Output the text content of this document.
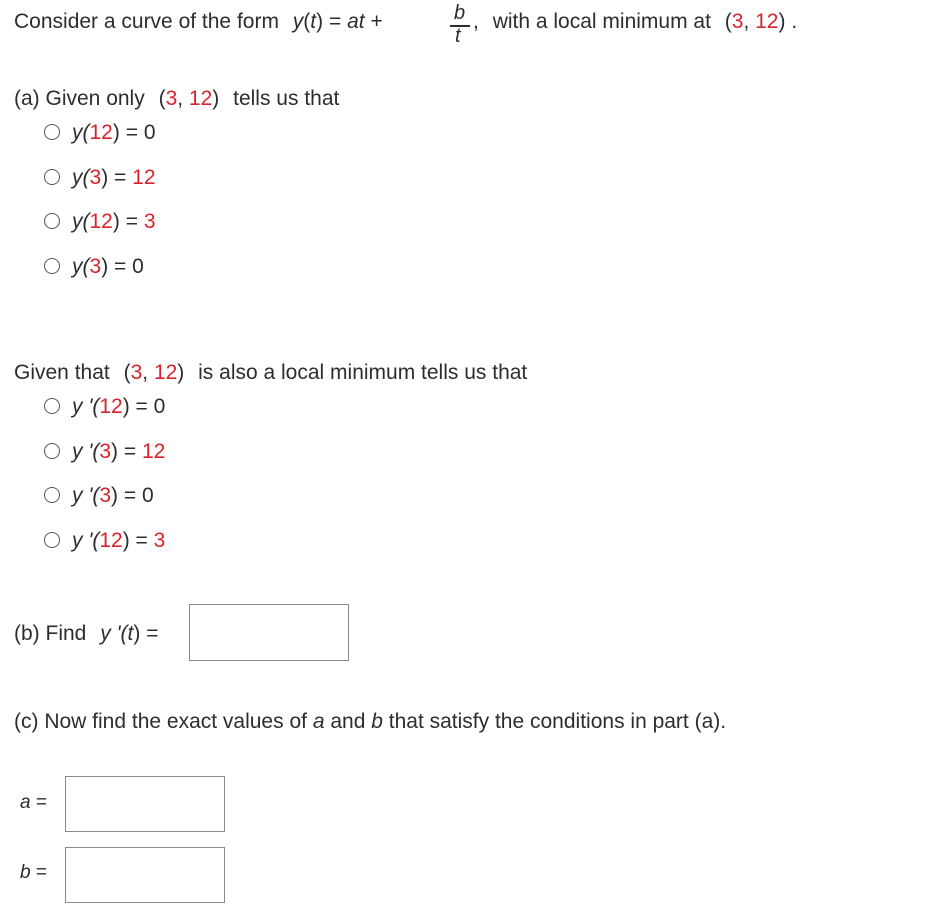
Consider a curve of the form y(t) = at +	b
t
, with a local minimum at (3, 12) .
(a) Given only (3, 12) tells us that
y(12) = 0
y(3) = 12
y(12) = 3
y(3) = 0
Given that (3, 12) is also a local minimum tells us that
y '(12) = 0
y '(3) = 12
y '(3) = 0
y '(12) = 3
(b) Find y '(t) =
(c) Now find the exact values of a and b that satisfy the conditions in part (a).
a =
b =
